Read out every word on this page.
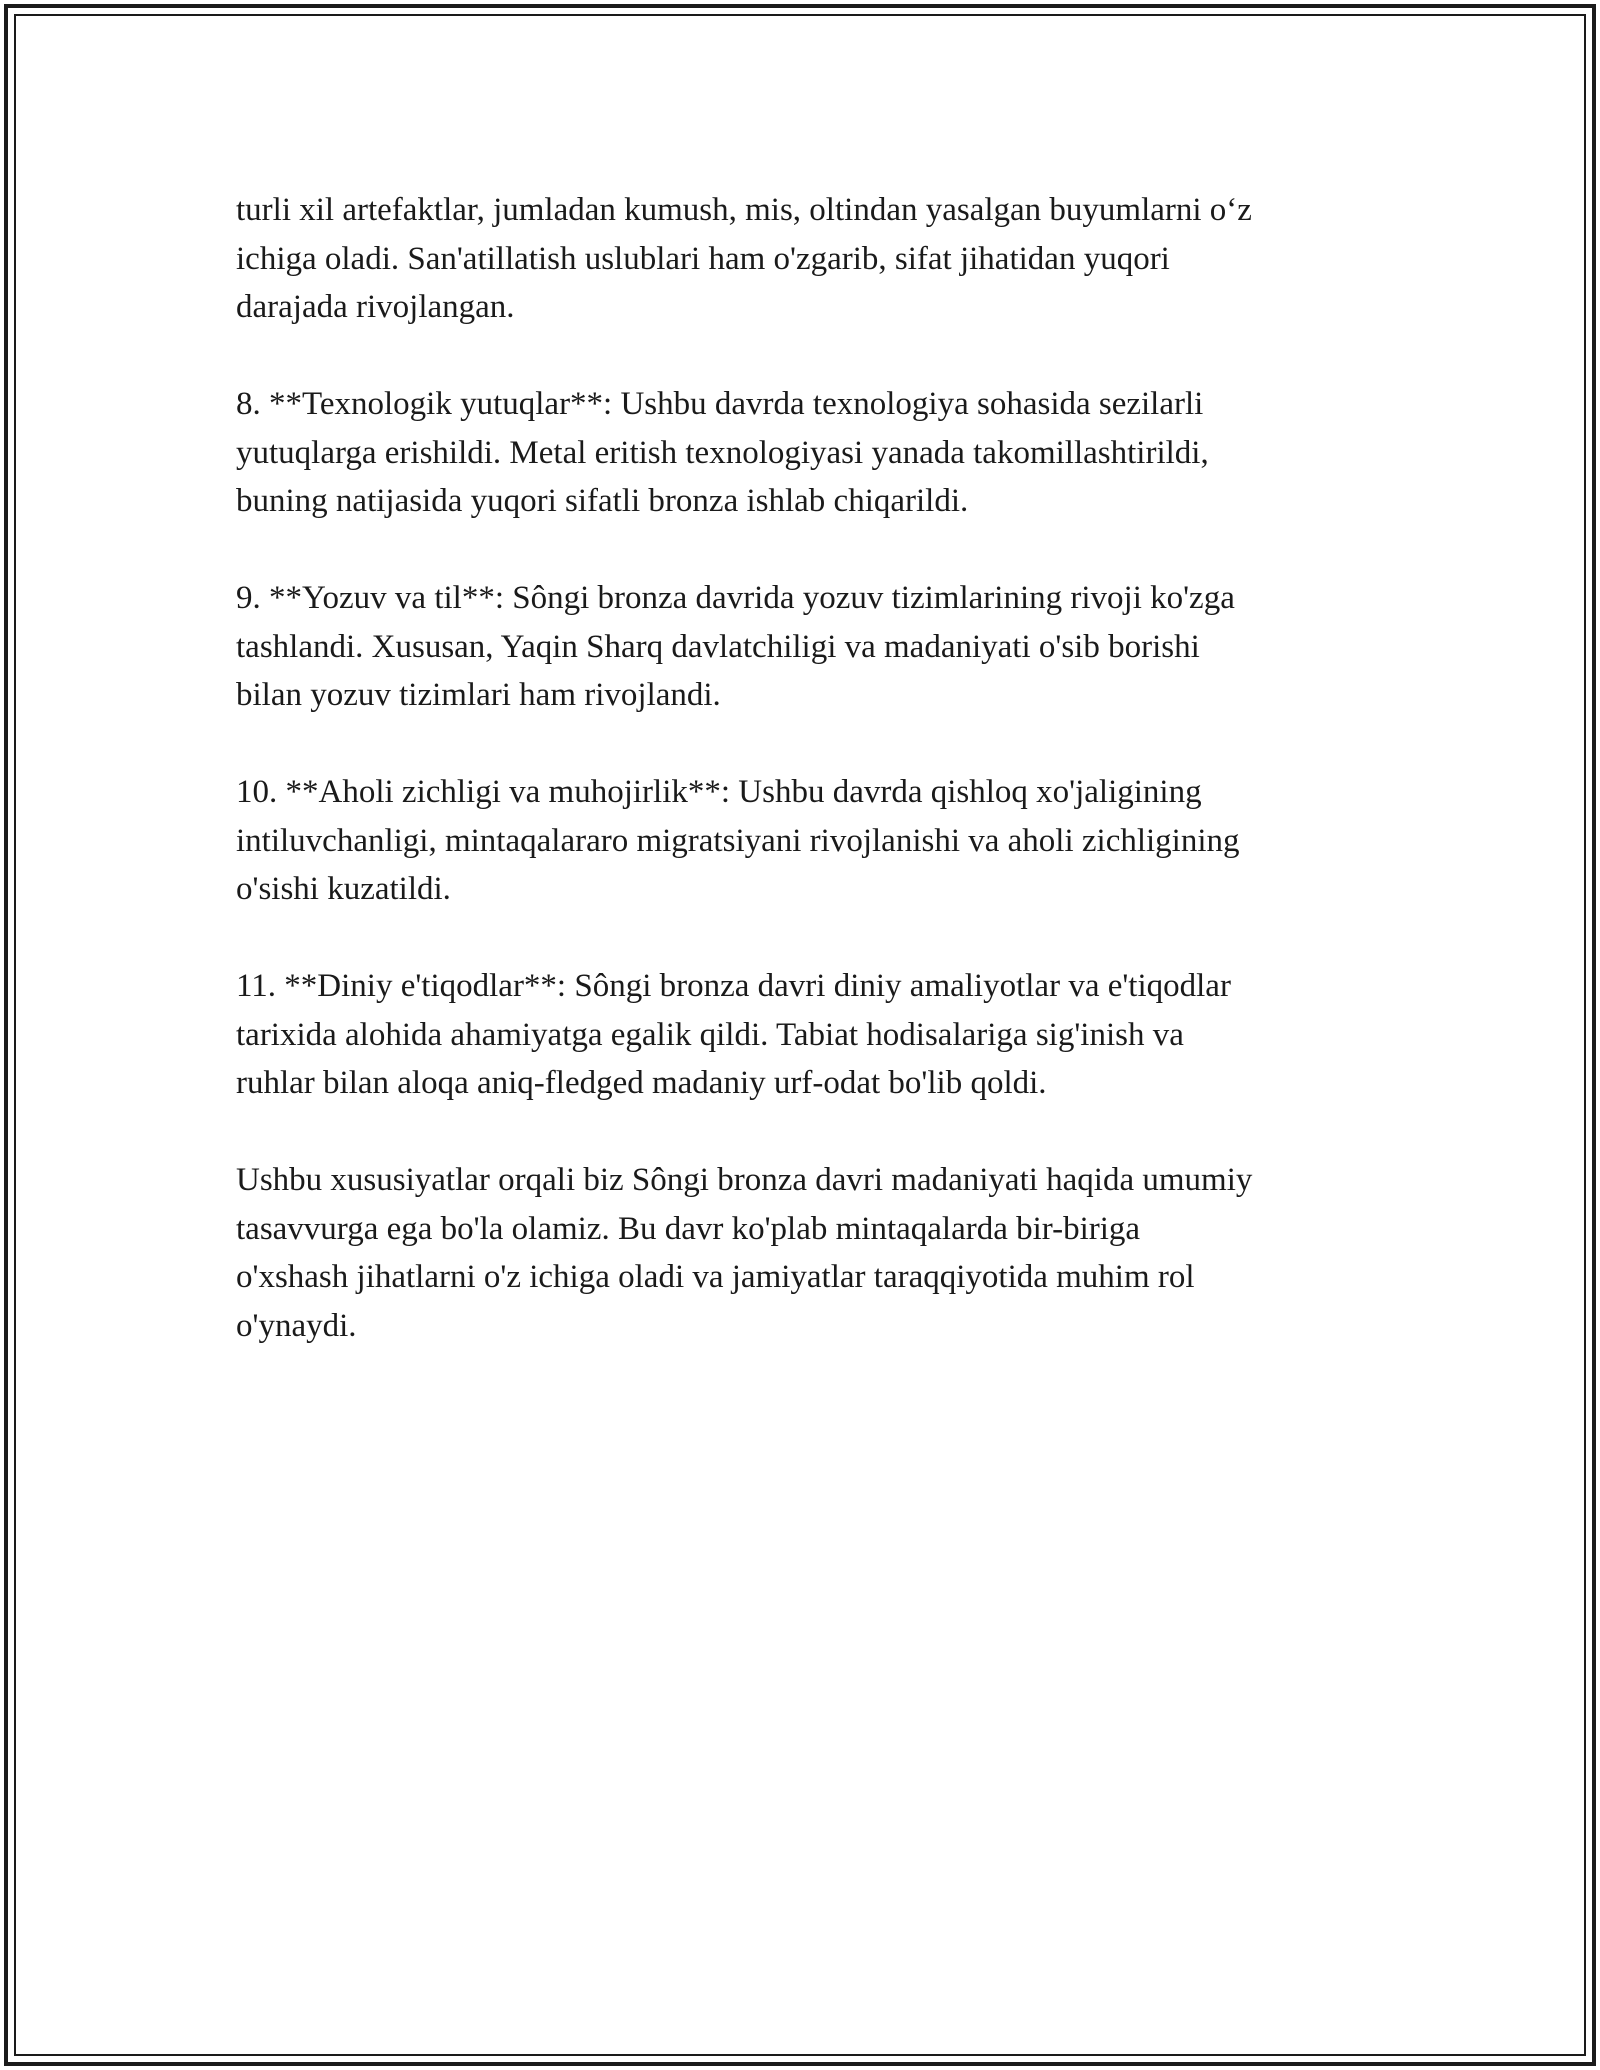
turli xil artefaktlar, jumladan kumush, mis, oltindan yasalgan buyumlarni o‘z
ichiga oladi. San'atillatish uslublari ham o'zgarib, sifat jihatidan yuqori
darajada rivojlangan.

8. **Texnologik yutuqlar**: Ushbu davrda texnologiya sohasida sezilarli
yutuqlarga erishildi. Metal eritish texnologiyasi yanada takomillashtirildi,
buning natijasida yuqori sifatli bronza ishlab chiqarildi.

9. **Yozuv va til**: Sôngi bronza davrida yozuv tizimlarining rivoji ko'zga
tashlandi. Xususan, Yaqin Sharq davlatchiligi va madaniyati o'sib borishi
bilan yozuv tizimlari ham rivojlandi.

10. **Aholi zichligi va muhojirlik**: Ushbu davrda qishloq xo'jaligining
intiluvchanligi, mintaqalararo migratsiyani rivojlanishi va aholi zichligining
o'sishi kuzatildi.

11. **Diniy e'tiqodlar**: Sôngi bronza davri diniy amaliyotlar va e'tiqodlar
tarixida alohida ahamiyatga egalik qildi. Tabiat hodisalariga sig'inish va
ruhlar bilan aloqa aniq-fledged madaniy urf-odat bo'lib qoldi.

Ushbu xususiyatlar orqali biz Sôngi bronza davri madaniyati haqida umumiy
tasavvurga ega bo'la olamiz. Bu davr ko'plab mintaqalarda bir-biriga
o'xshash jihatlarni o'z ichiga oladi va jamiyatlar taraqqiyotida muhim rol
o'ynaydi.
